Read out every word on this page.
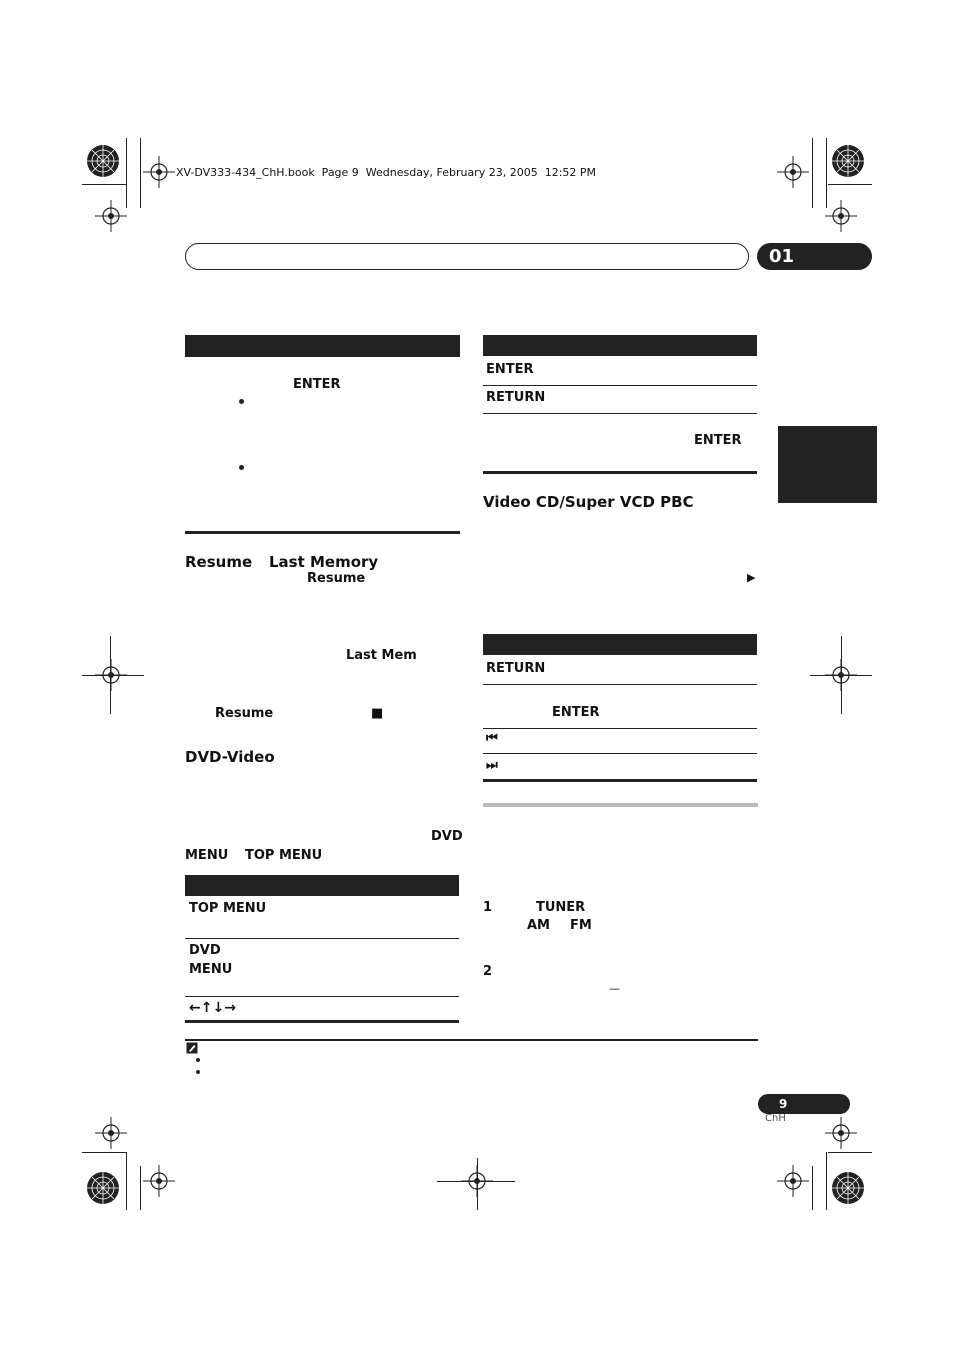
XV-DV333-434_ChH.book  Page 9  Wednesday, February 23, 2005  12:52 PM
01
ENTER
Resume Last Memory
Resume
Last Mem
Resume	■
DVD-Video
DVD
MENU TOP MENU
TOP MENU
DVD
MENU
←↑↓→
ENTER
RETURN
ENTER
Video CD/Super VCD PBC
▶
RETURN
ENTER
⏮
⏭
1	TUNER
AM FM
2
—
9
ChH
